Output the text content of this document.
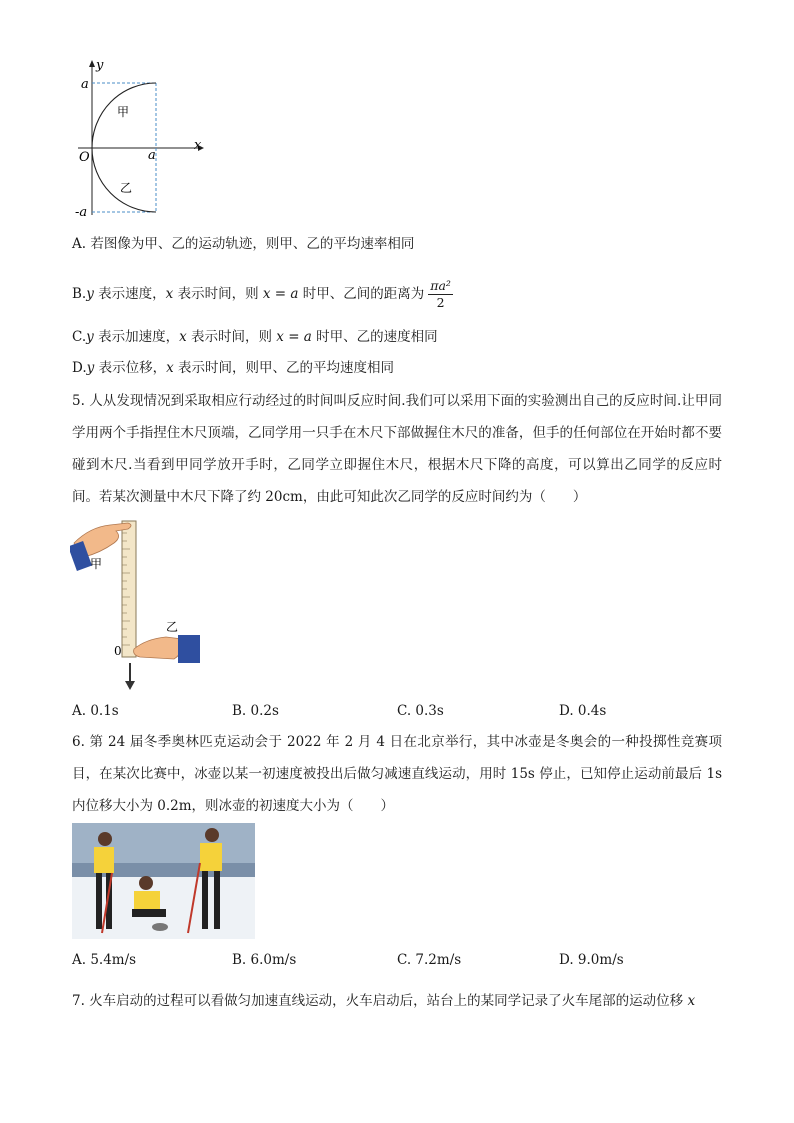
y
x
O
a
a
-a
甲
乙
A. 若图像为甲、乙的运动轨迹，则甲、乙的平均速率相同
B.y 表示速度，x 表示时间，则 x = a 时甲、乙间的距离为 $\frac{\text{πa²}}{2}$
C.y 表示加速度，x 表示时间，则 x = a 时甲、乙的速度相同
D.y 表示位移，x 表示时间，则甲、乙的平均速度相同
5. 人从发现情况到采取相应行动经过的时间叫反应时间.我们可以采用下面的实验测出自己的反应时间.让甲同学用两个手指捏住木尺顶端，乙同学用一只手在木尺下部做握住木尺的准备，但手的任何部位在开始时都不要碰到木尺.当看到甲同学放开手时，乙同学立即握住木尺，根据木尺下降的高度，可以算出乙同学的反应时间。若某次测量中木尺下降了约 20cm，由此可知此次乙同学的反应时间约为（　　）
甲
乙
0
A. 0.1s	B. 0.2s	C. 0.3s	D. 0.4s
6. 第 24 届冬季奥林匹克运动会于 2022 年 2 月 4 日在北京举行，其中冰壶是冬奥会的一种投掷性竞赛项目，在某次比赛中，冰壶以某一初速度被投出后做匀减速直线运动，用时 15s 停止，已知停止运动前最后 1s 内位移大小为 0.2m，则冰壶的初速度大小为（　　）
A. 5.4m/s	B. 6.0m/s	C. 7.2m/s	D. 9.0m/s
7. 火车启动的过程可以看做匀加速直线运动，火车启动后，站台上的某同学记录了火车尾部的运动位移 x
